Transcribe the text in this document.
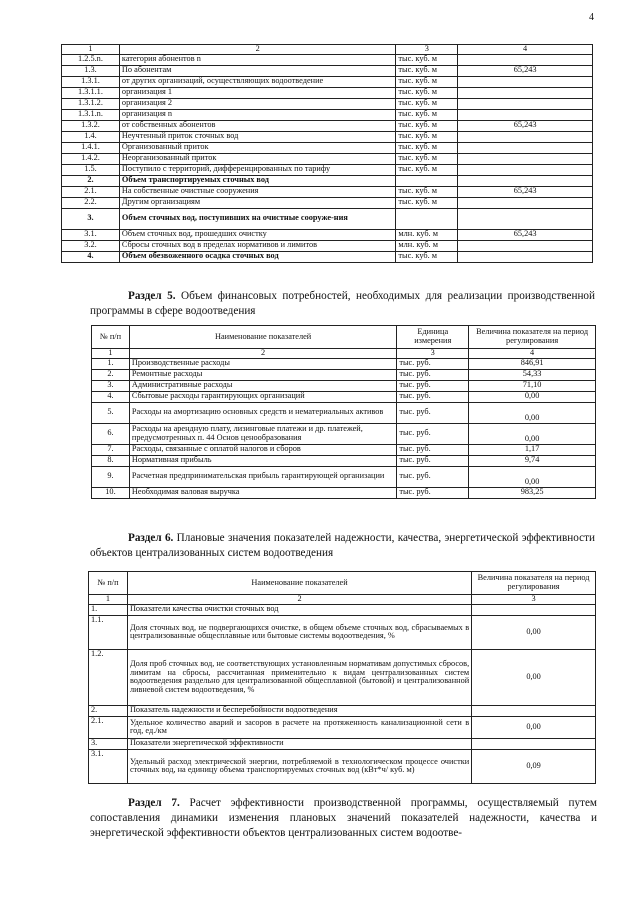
4
1	2	3	4
1.2.5.n.	категория абонентов n	тыс. куб. м	
1.3.	По абонентам	тыс. куб. м	65,243
1.3.1.	от других организаций, осуществляющих водоотведение	тыс. куб. м	
1.3.1.1.	организация 1	тыс. куб. м	
1.3.1.2.	организация 2	тыс. куб. м	
1.3.1.n.	организация n	тыс. куб. м	
1.3.2.	от собственных абонентов	тыс. куб. м	65,243
1.4.	Неучтенный приток сточных вод	тыс. куб. м	
1.4.1.	Организованный приток	тыс. куб. м	
1.4.2.	Неорганизованный приток	тыс. куб. м	
1.5.	Поступило с территорий, дифференцированных по тарифу	тыс. куб. м	
2.	Объем транспортируемых сточных вод		
2.1.	На собственные очистные сооружения	тыс. куб. м	65,243
2.2.	Другим организациям	тыс. куб. м	
3.	Объем сточных вод, поступивших на очистные сооруже-ния		
3.1.	Объем сточных вод, прошедших очистку	млн. куб. м	65,243
3.2.	Сбросы сточных вод в пределах нормативов и лимитов	млн. куб. м	
4.	Объем обезвоженного осадка сточных вод	тыс. куб. м	
Раздел 5. Объем финансовых потребностей, необходимых для реализации производственной программы в сфере водоотведения
№ п/п	Наименование показателей	Единица измерения	Величина показателя на период регулирования
1	2	3	4
1.	Производственные расходы	тыс. руб.	846,91
2.	Ремонтные расходы	тыс. руб.	54,33
3.	Административные расходы	тыс. руб.	71,10
4.	Сбытовые расходы гарантирующих организаций	тыс. руб.	0,00
5.	Расходы на амортизацию основных средств и нематериальных активов	тыс. руб.	0,00
6.	Расходы на арендную плату, лизинговые платежи и др. платежей, предусмотренных п. 44 Основ ценообразования	тыс. руб.	0,00
7.	Расходы, связанные с оплатой налогов и сборов	тыс. руб.	1,17
8.	Нормативная прибыль	тыс. руб.	9,74
9.	Расчетная предпринимательская прибыль гарантирующей организации	тыс. руб.	0,00
10.	Необходимая валовая выручка	тыс. руб.	983,25
Раздел 6. Плановые значения показателей надежности, качества, энергетической эффективности объектов централизованных систем водоотведения
№ п/п	Наименование показателей	Величина показателя на период регулирования
1	2	3
1.	Показатели качества очистки сточных вод	
1.1.	Доля сточных вод, не подвергающихся очистке, в общем объеме сточных вод, сбрасываемых в централизованные общесплавные или бытовые системы водоотведения, %	0,00
1.2.	Доля проб сточных вод, не соответствующих установленным нормативам допустимых сбросов, лимитам на сбросы, рассчитанная применительно к видам централизованных систем водоотведения раздельно для централизованной общесплавной (бытовой) и централизованной ливневой систем водоотведения, %	0,00
2.	Показатель надежности и бесперебойности водоотведения	
2.1.	Удельное количество аварий и засоров в расчете на протяженность канализационной сети в год, ед./км	0,00
3.	Показатели энергетической эффективности	
3.1.	Удельный расход электрической энергии, потребляемой в технологическом процессе очистки сточных вод, на единицу объема транспортируемых сточных вод (кВт*ч/ куб. м)	0,09
Раздел 7. Расчет эффективности производственной программы, осуществляемый путем сопоставления динамики изменения плановых значений показателей надежности, качества и энергетической эффективности объектов централизованных систем водоотве-
